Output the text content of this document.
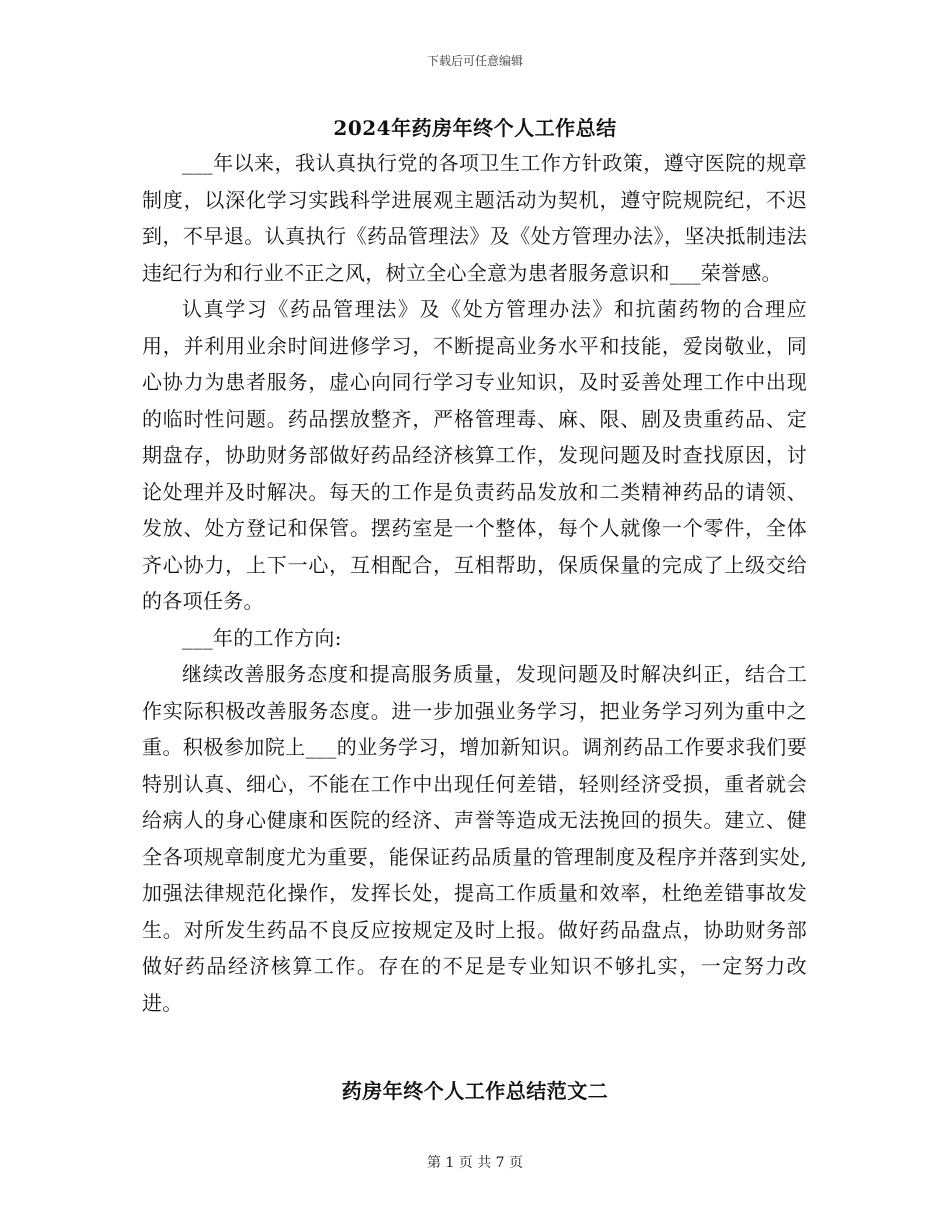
下载后可任意编辑
2024年药房年终个人工作总结

___年以来，我认真执行党的各项卫生工作方针政策，遵守医院的规章制度，以深化学习实践科学进展观主题活动为契机，遵守院规院纪，不迟到，不早退。认真执行《药品管理法》及《处方管理办法》，坚决抵制违法违纪行为和行业不正之风，树立全心全意为患者服务意识和___荣誉感。

认真学习《药品管理法》及《处方管理办法》和抗菌药物的合理应用，并利用业余时间进修学习，不断提高业务水平和技能，爱岗敬业，同心协力为患者服务，虚心向同行学习专业知识，及时妥善处理工作中出现的临时性问题。药品摆放整齐，严格管理毒、麻、限、剧及贵重药品、定期盘存，协助财务部做好药品经济核算工作，发现问题及时查找原因，讨论处理并及时解决。每天的工作是负责药品发放和二类精神药品的请领、发放、处方登记和保管。摆药室是一个整体，每个人就像一个零件，全体齐心协力，上下一心，互相配合，互相帮助，保质保量的完成了上级交给的各项任务。

___年的工作方向:

继续改善服务态度和提高服务质量，发现问题及时解决纠正，结合工作实际积极改善服务态度。进一步加强业务学习，把业务学习列为重中之重。积极参加院上___的业务学习，增加新知识。调剂药品工作要求我们要特别认真、细心，不能在工作中出现任何差错，轻则经济受损，重者就会给病人的身心健康和医院的经济、声誉等造成无法挽回的损失。建立、健全各项规章制度尤为重要，能保证药品质量的管理制度及程序并落到实处,加强法律规范化操作，发挥长处，提高工作质量和效率，杜绝差错事故发生。对所发生药品不良反应按规定及时上报。做好药品盘点，协助财务部做好药品经济核算工作。存在的不足是专业知识不够扎实，一定努力改进。

药房年终个人工作总结范文二
第 1 页 共 7 页
